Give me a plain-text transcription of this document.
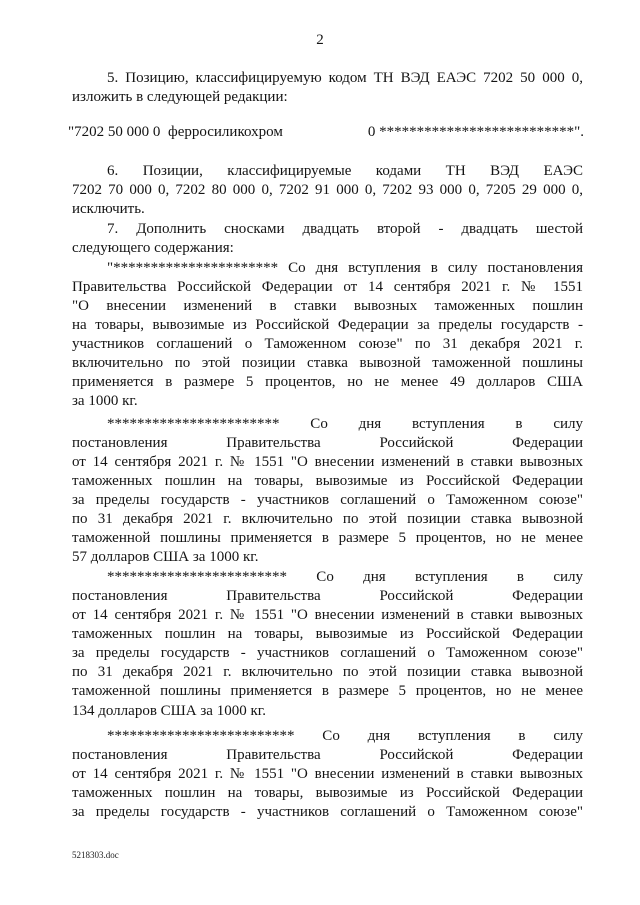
2
5. Позицию, классифицируемую кодом ТН ВЭД ЕАЭС 7202 50 000 0,
изложить в следующей редакции:
"7202 50 000 0 ферросиликохром	0 **************************".
6. Позиции, классифицируемые кодами ТН ВЭД ЕАЭС
7202 70 000 0, 7202 80 000 0, 7202 91 000 0, 7202 93 000 0, 7205 29 000 0,
исключить.
7. Дополнить сносками двадцать второй - двадцать шестой
следующего содержания:
"********************** Со дня вступления в силу постановления
Правительства Российской Федерации от 14 сентября 2021 г. № 1551
"О внесении изменений в ставки вывозных таможенных пошлин
на товары, вывозимые из Российской Федерации за пределы государств -
участников соглашений о Таможенном союзе" по 31 декабря 2021 г.
включительно по этой позиции ставка вывозной таможенной пошлины
применяется в размере 5 процентов, но не менее 49 долларов США
за 1000 кг.
*********************** Со дня вступления в силу
постановления Правительства Российской Федерации
от 14 сентября 2021 г. № 1551 "О внесении изменений в ставки вывозных
таможенных пошлин на товары, вывозимые из Российской Федерации
за пределы государств - участников соглашений о Таможенном союзе"
по 31 декабря 2021 г. включительно по этой позиции ставка вывозной
таможенной пошлины применяется в размере 5 процентов, но не менее
57 долларов США за 1000 кг.
************************ Со дня вступления в силу
постановления Правительства Российской Федерации
от 14 сентября 2021 г. № 1551 "О внесении изменений в ставки вывозных
таможенных пошлин на товары, вывозимые из Российской Федерации
за пределы государств - участников соглашений о Таможенном союзе"
по 31 декабря 2021 г. включительно по этой позиции ставка вывозной
таможенной пошлины применяется в размере 5 процентов, но не менее
134 долларов США за 1000 кг.
************************* Со дня вступления в силу
постановления Правительства Российской Федерации
от 14 сентября 2021 г. № 1551 "О внесении изменений в ставки вывозных
таможенных пошлин на товары, вывозимые из Российской Федерации
за пределы государств - участников соглашений о Таможенном союзе"
5218303.doc
